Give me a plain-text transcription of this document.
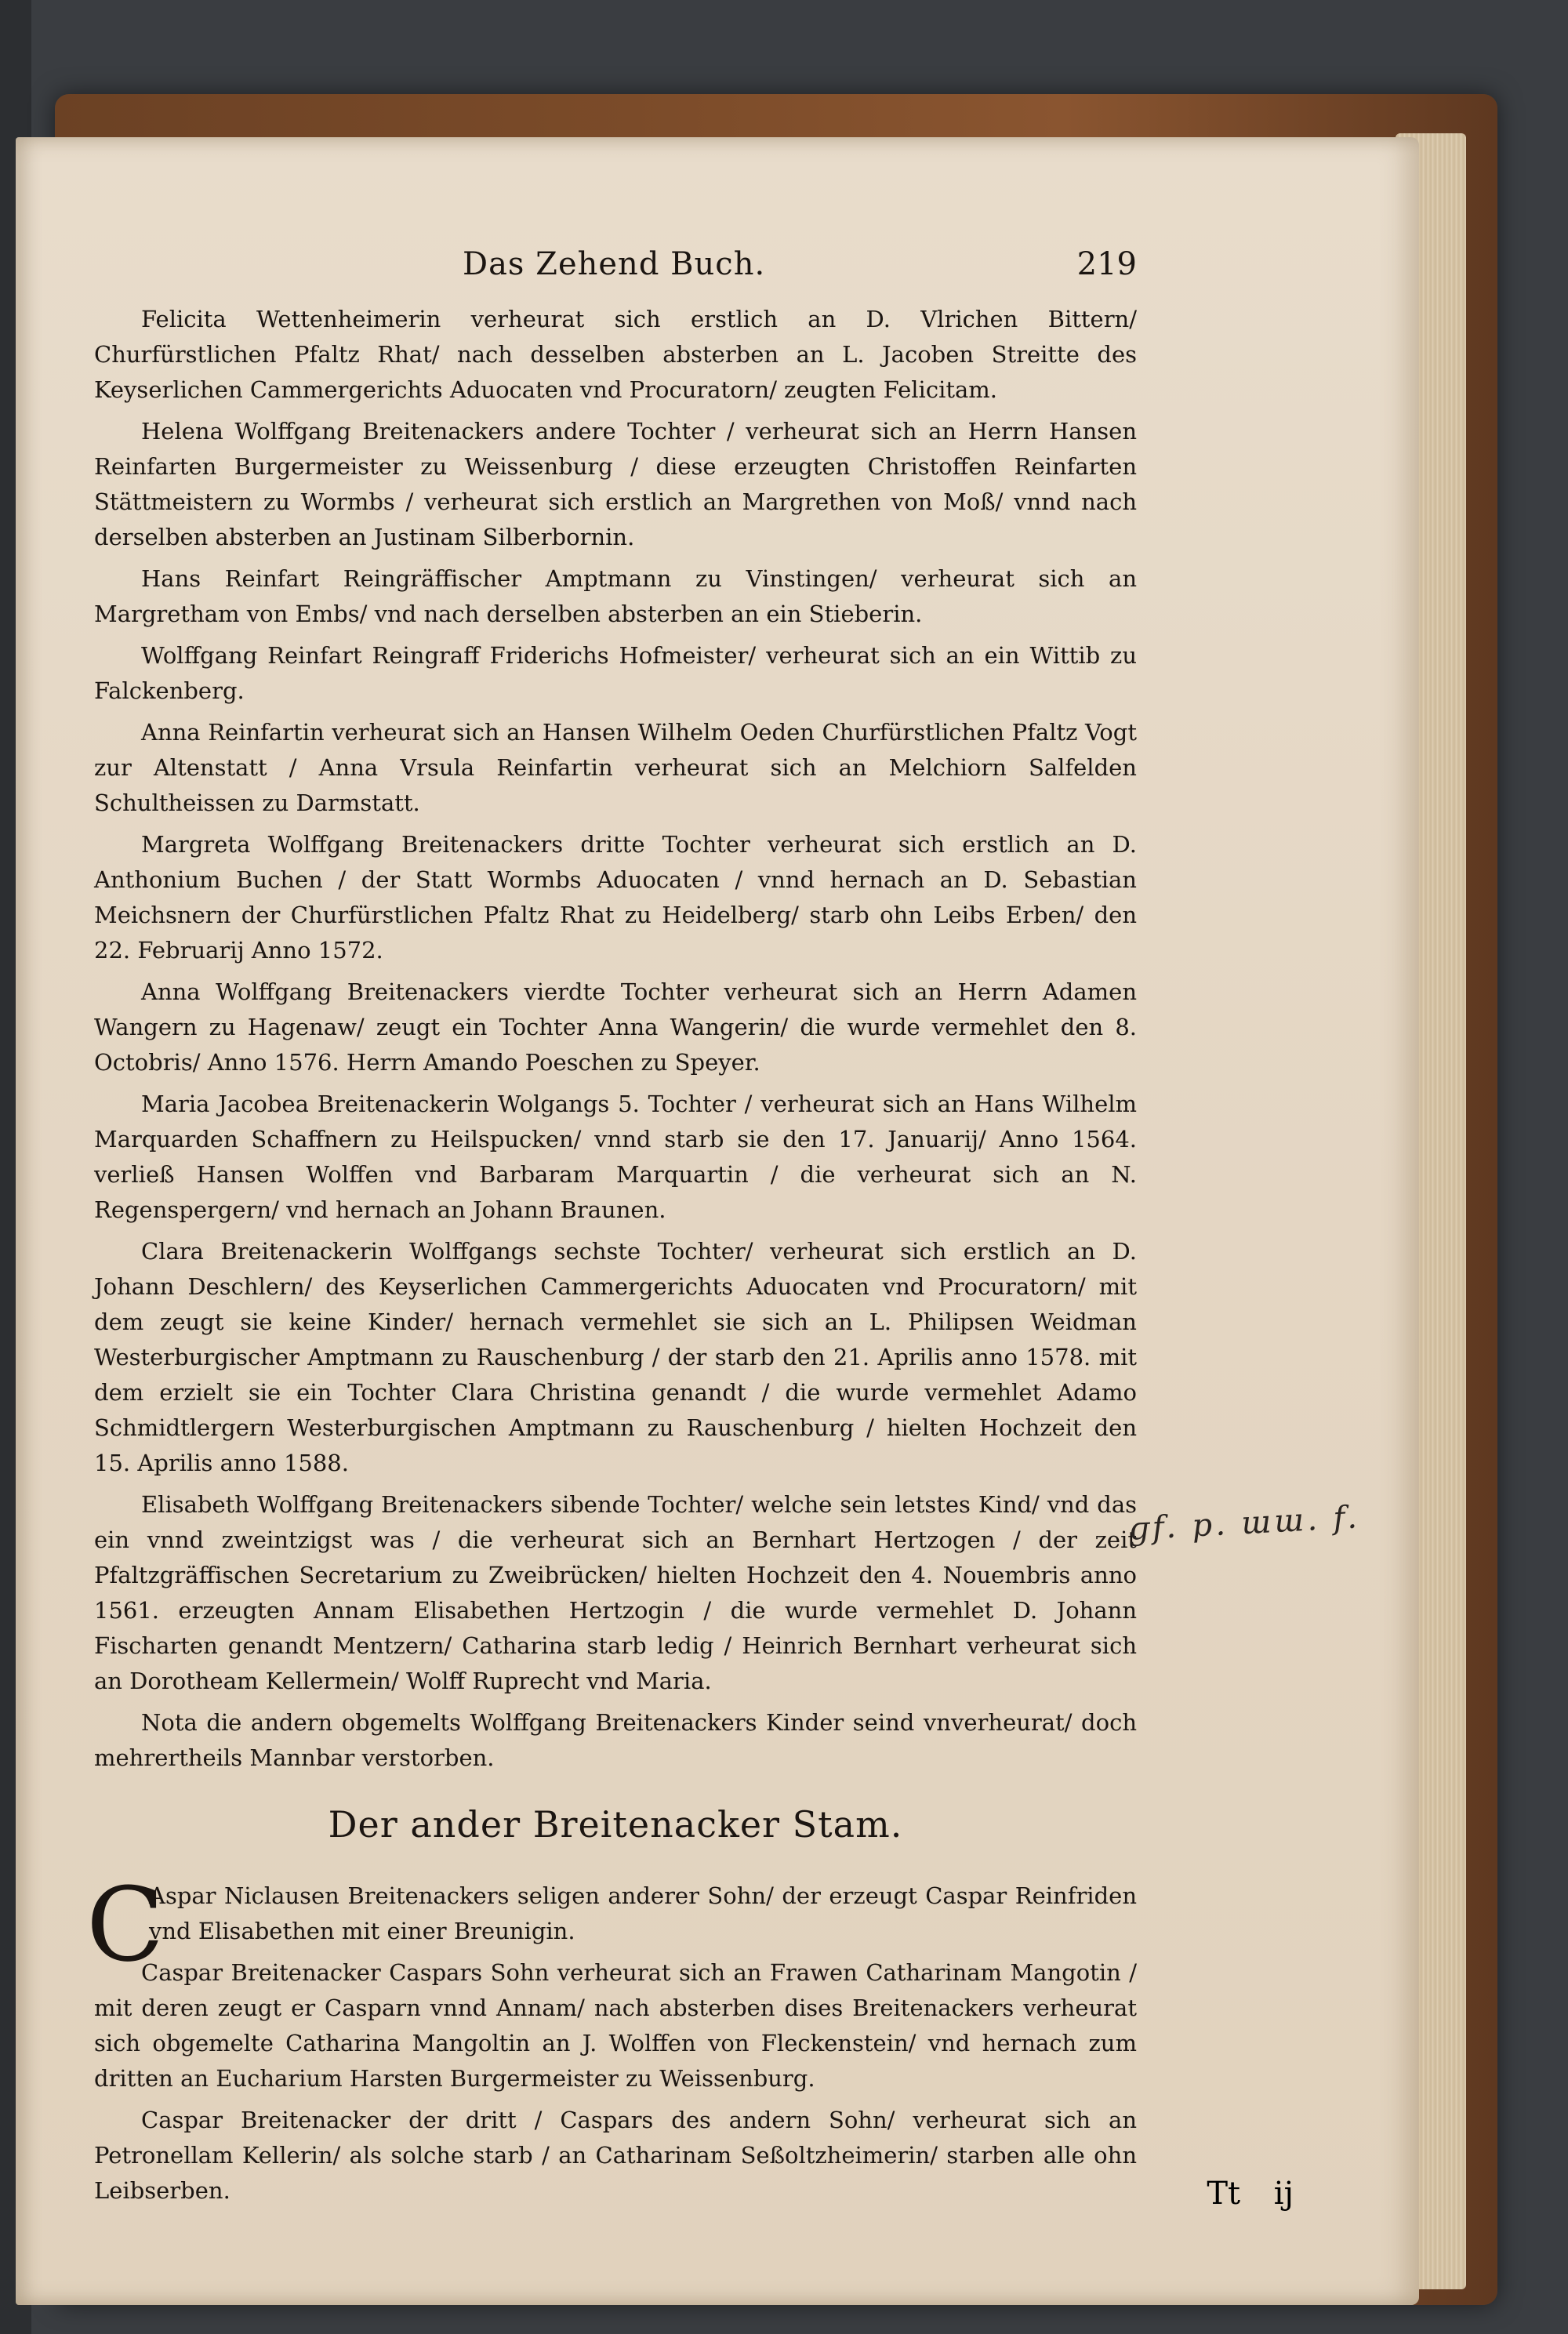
Das Zehend Buch.	219

Felicita Wettenheimerin verheurat sich erstlich an D. Vlrichen Bittern/ Churfürstlichen Pfaltz Rhat/ nach desselben absterben an L. Jacoben Streitte des Keyserlichen Cammergerichts Aduocaten vnd Procuratorn/ zeugten Felicitam.

Helena Wolffgang Breitenackers andere Tochter / verheurat sich an Herrn Hansen Reinfarten Burgermeister zu Weissenburg / diese erzeugten Christoffen Reinfarten Stättmeistern zu Wormbs / verheurat sich erstlich an Margrethen von Moß/ vnnd nach derselben absterben an Justinam Silberbornin.

Hans Reinfart Reingräffischer Amptmann zu Vinstingen/ verheurat sich an Margretham von Embs/ vnd nach derselben absterben an ein Stieberin.

Wolffgang Reinfart Reingraff Friderichs Hofmeister/ verheurat sich an ein Wittib zu Falckenberg.

Anna Reinfartin verheurat sich an Hansen Wilhelm Oeden Churfürstlichen Pfaltz Vogt zur Altenstatt / Anna Vrsula Reinfartin verheurat sich an Melchiorn Salfelden Schultheissen zu Darmstatt.

Margreta Wolffgang Breitenackers dritte Tochter verheurat sich erstlich an D. Anthonium Buchen / der Statt Wormbs Aduocaten / vnnd hernach an D. Sebastian Meichsnern der Churfürstlichen Pfaltz Rhat zu Heidelberg/ starb ohn Leibs Erben/ den 22. Februarij Anno 1572.

Anna Wolffgang Breitenackers vierdte Tochter verheurat sich an Herrn Adamen Wangern zu Hagenaw/ zeugt ein Tochter Anna Wangerin/ die wurde vermehlet den 8. Octobris/ Anno 1576. Herrn Amando Poeschen zu Speyer.

Maria Jacobea Breitenackerin Wolgangs 5. Tochter / verheurat sich an Hans Wilhelm Marquarden Schaffnern zu Heilspucken/ vnnd starb sie den 17. Januarij/ Anno 1564. verließ Hansen Wolffen vnd Barbaram Marquartin / die verheurat sich an N. Regenspergern/ vnd hernach an Johann Braunen.

Clara Breitenackerin Wolffgangs sechste Tochter/ verheurat sich erstlich an D. Johann Deschlern/ des Keyserlichen Cammergerichts Aduocaten vnd Procuratorn/ mit dem zeugt sie keine Kinder/ hernach vermehlet sie sich an L. Philipsen Weidman Westerburgischer Amptmann zu Rauschenburg / der starb den 21. Aprilis anno 1578. mit dem erzielt sie ein Tochter Clara Christina genandt / die wurde vermehlet Adamo Schmidtlergern Westerburgischen Amptmann zu Rauschenburg / hielten Hochzeit den 15. Aprilis anno 1588.

Elisabeth Wolffgang Breitenackers sibende Tochter/ welche sein letstes Kind/ vnd das ein vnnd zweintzigst was / die verheurat sich an Bernhart Hertzogen / der zeit Pfaltzgräffischen Secretarium zu Zweibrücken/ hielten Hochzeit den 4. Nouembris anno 1561. erzeugten Annam Elisabethen Hertzogin / die wurde vermehlet D. Johann Fischarten genandt Mentzern/ Catharina starb ledig / Heinrich Bernhart verheurat sich an Dorotheam Kellermein/ Wolff Ruprecht vnd Maria.

Nota die andern obgemelts Wolffgang Breitenackers Kinder seind vnverheurat/ doch mehrertheils Mannbar verstorben.

Der ander Breitenacker Stam.

C
Aspar Niclausen Breitenackers seligen anderer Sohn/ der erzeugt Caspar Reinfriden vnd Elisabethen mit einer Breunigin.

Caspar Breitenacker Caspars Sohn verheurat sich an Frawen Catharinam Mangotin / mit deren zeugt er Casparn vnnd Annam/ nach absterben dises Breitenackers verheurat sich obgemelte Catharina Mangoltin an J. Wolffen von Fleckenstein/ vnd hernach zum dritten an Eucharium Harsten Burgermeister zu Weissenburg.

Caspar Breitenacker der dritt / Caspars des andern Sohn/ verheurat sich an Petronellam Kellerin/ als solche starb / an Catharinam Seßoltzheimerin/ starben alle ohn Leibserben.

ɡf. p. ɯɯ. f.
Tt ij
